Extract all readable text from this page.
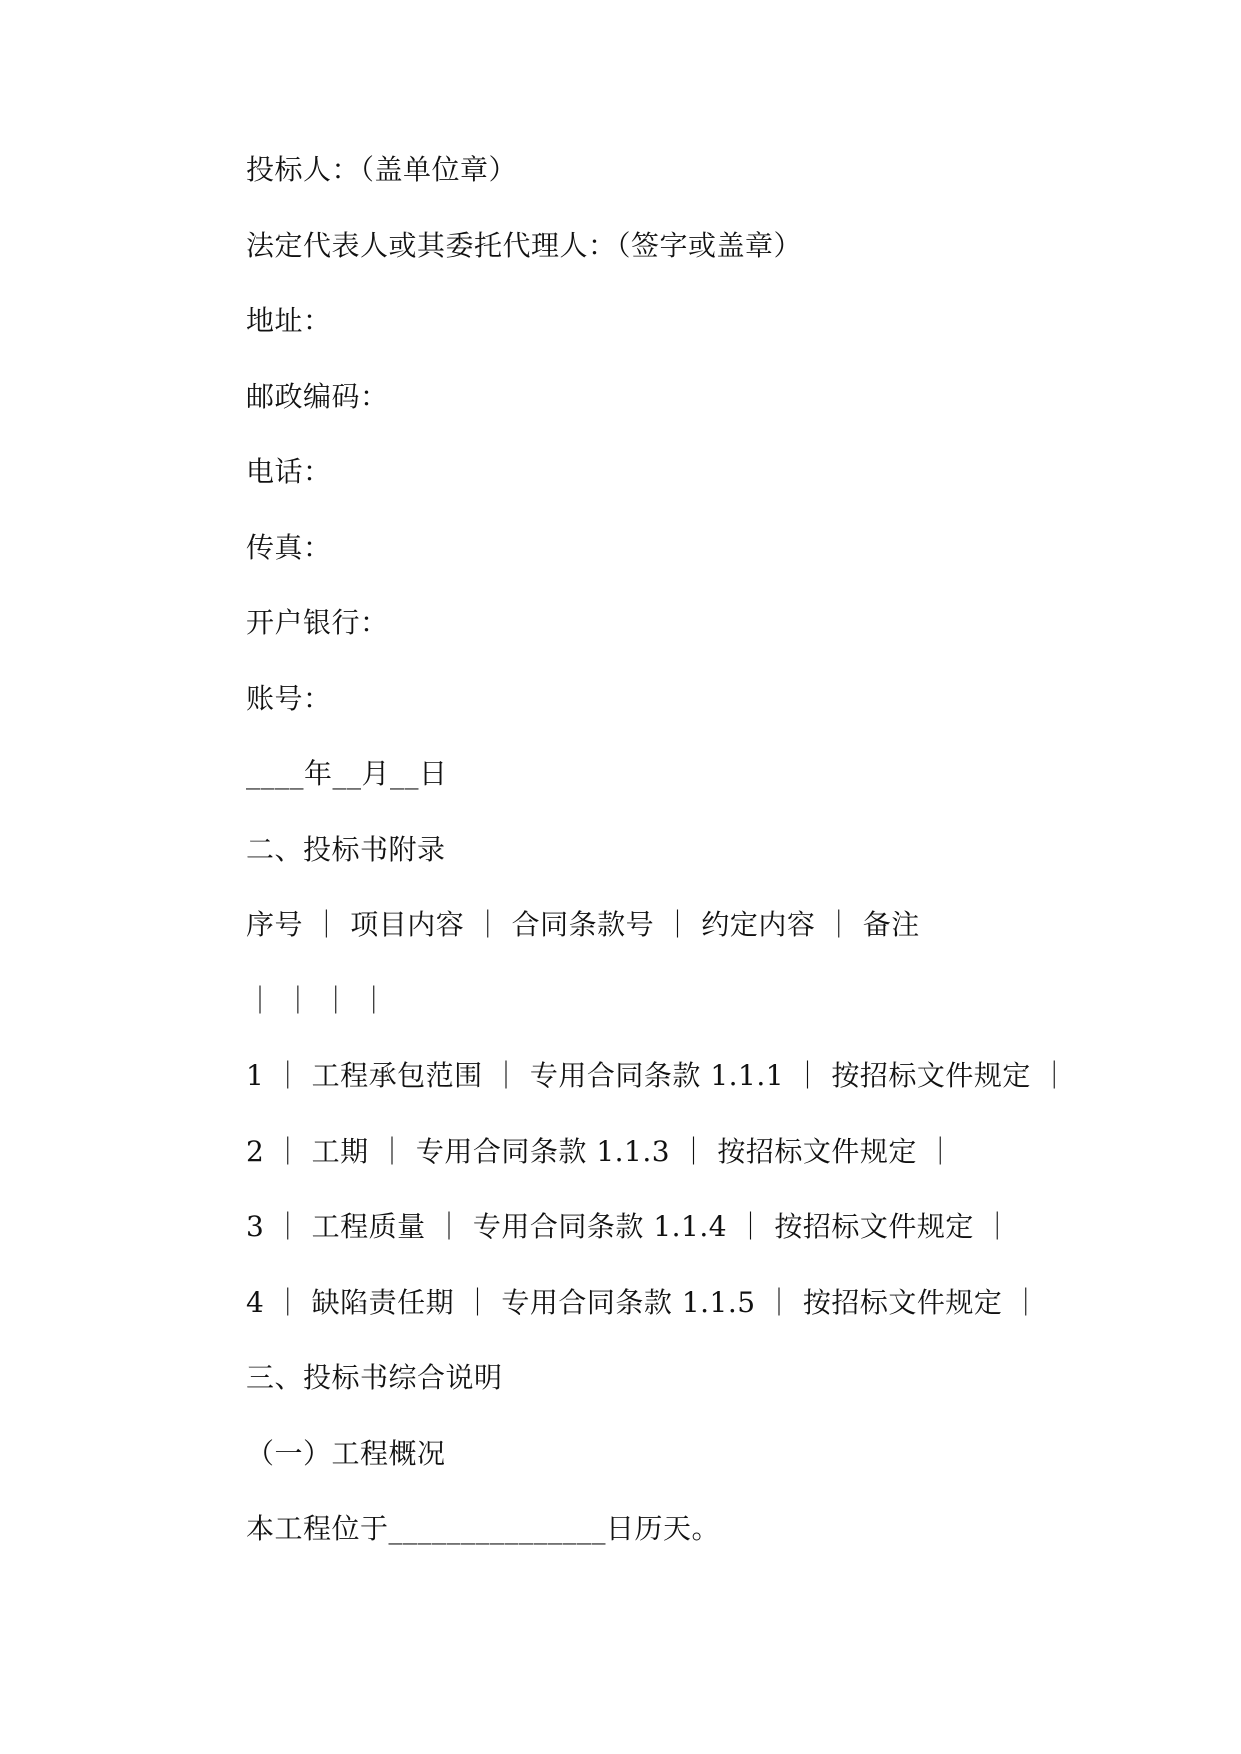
投标人：（盖单位章）
法定代表人或其委托代理人：（签字或盖章）
地址：
邮政编码：
电话：
传真：
开户银行：
账号：
____年__月__日
二、投标书附录
序号 ｜ 项目内容 ｜ 合同条款号 ｜ 约定内容 ｜ 备注
｜ ｜ ｜ ｜
1 ｜ 工程承包范围 ｜ 专用合同条款 1.1.1 ｜ 按招标文件规定 ｜
2 ｜ 工期 ｜ 专用合同条款 1.1.3 ｜ 按招标文件规定 ｜
3 ｜ 工程质量 ｜ 专用合同条款 1.1.4 ｜ 按招标文件规定 ｜
4 ｜ 缺陷责任期 ｜ 专用合同条款 1.1.5 ｜ 按招标文件规定 ｜
三、投标书综合说明
（一）工程概况
本工程位于_______________日历天。
